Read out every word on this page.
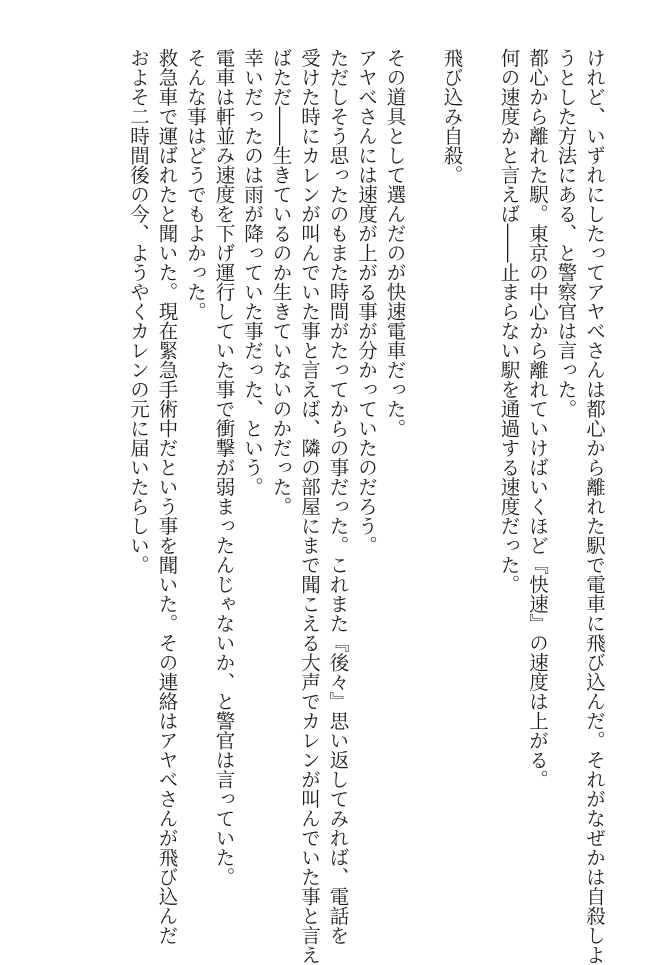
けれど、いずれにしたってアヤべさんは都心から離れた駅で電車に飛び込んだ。それがなぜかは自殺しよ
うとした方法にある、と警察官は言った。
都心から離れた駅。東京の中心から離れていけばいくほど『快速』の速度は上がる。
何の速度かと言えば――止まらない駅を通過する速度だった。
飛び込み自殺。
その道具として選んだのが快速電車だった。
アヤべさんには速度が上がる事が分かっていたのだろう。
ただしそう思ったのもまた時間がたってからの事だった。これまた『後々』思い返してみれば、電話を
受けた時にカレンが叫んでいた事と言えば、隣の部屋にまで聞こえる大声でカレンが叫んでいた事と言え
ばただ――生きているのか生きていないのかだった。
幸いだったのは雨が降っていた事だった、という。
電車は軒並み速度を下げ運行していた事で衝撃が弱まったんじゃないか、と警官は言っていた。
そんな事はどうでもよかった。
救急車で運ばれたと聞いた。現在緊急手術中だという事を聞いた。その連絡はアヤべさんが飛び込んだ
およそ二時間後の今、ようやくカレンの元に届いたらしい。
